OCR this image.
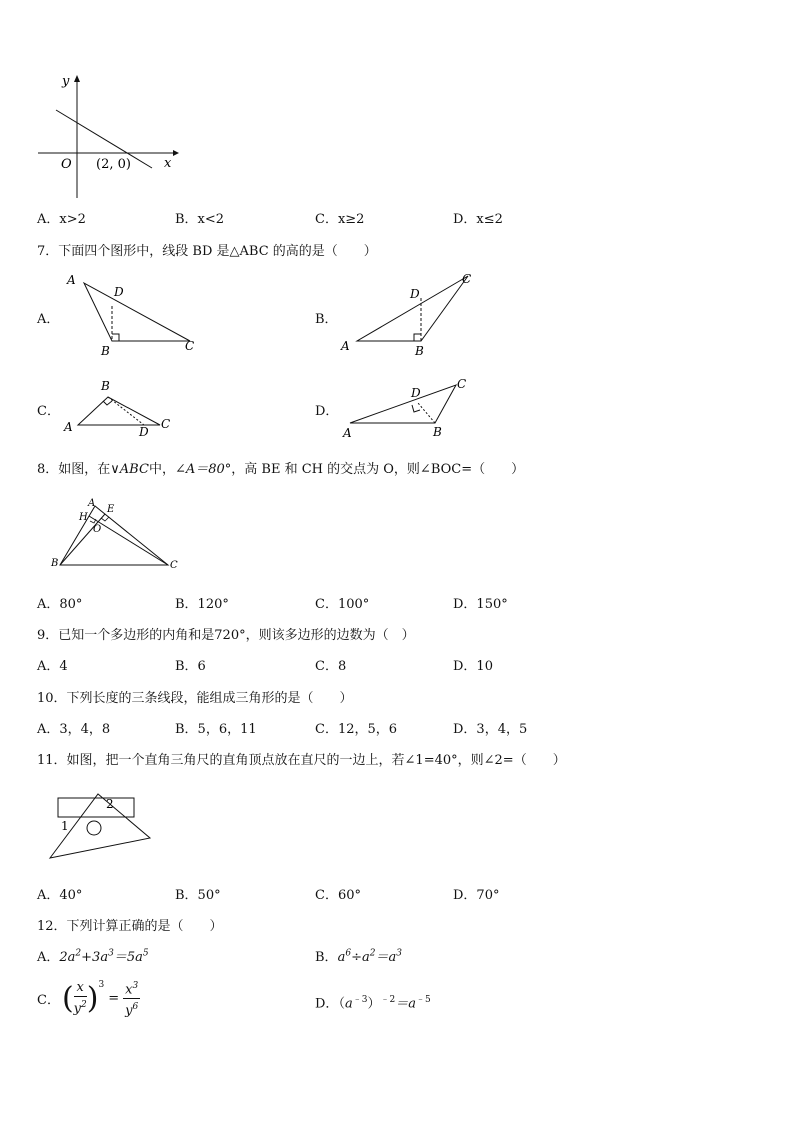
y
x
O (2, 0)
A．x>2	B．x<2	C．x≥2	D．x≤2
7．下面四个图形中，线段 BD 是△ABC 的高的是（　　）
A．
A
D
B	C
B．
C
D
A	B
C．
B
A	D
C
D．
D
C
A	B
8．如图，在∨ABC中，∠A＝80°，高 BE 和 CH 的交点为 O，则∠BOC=（　　）
A
E
H
O
B	C
A．80°	B．120°	C．100°	D．150°
9．已知一个多边形的内角和是720°，则该多边形的边数为（　）
A．4	B．6	C．8	D．10
10．下列长度的三条线段，能组成三角形的是（　　）
A．3，4，8	B．5，6，11	C．12，5，6	D．3，4，5
11．如图，把一个直角三角尺的直角顶点放在直尺的一边上，若∠1=40°，则∠2=（　　）
1
2
A．40°	B．50°	C．60°	D．70°
12．下列计算正确的是（　　）
A．$2a^2+3a^3=5a^5$	B．$a^6\div a^2=a^3$
C． ( $\frac{x}{y^2} )^3$
= $\frac{x^3}{y^6}$	D．$(a^{﹣3})^{﹣2}=a^{﹣5}$
